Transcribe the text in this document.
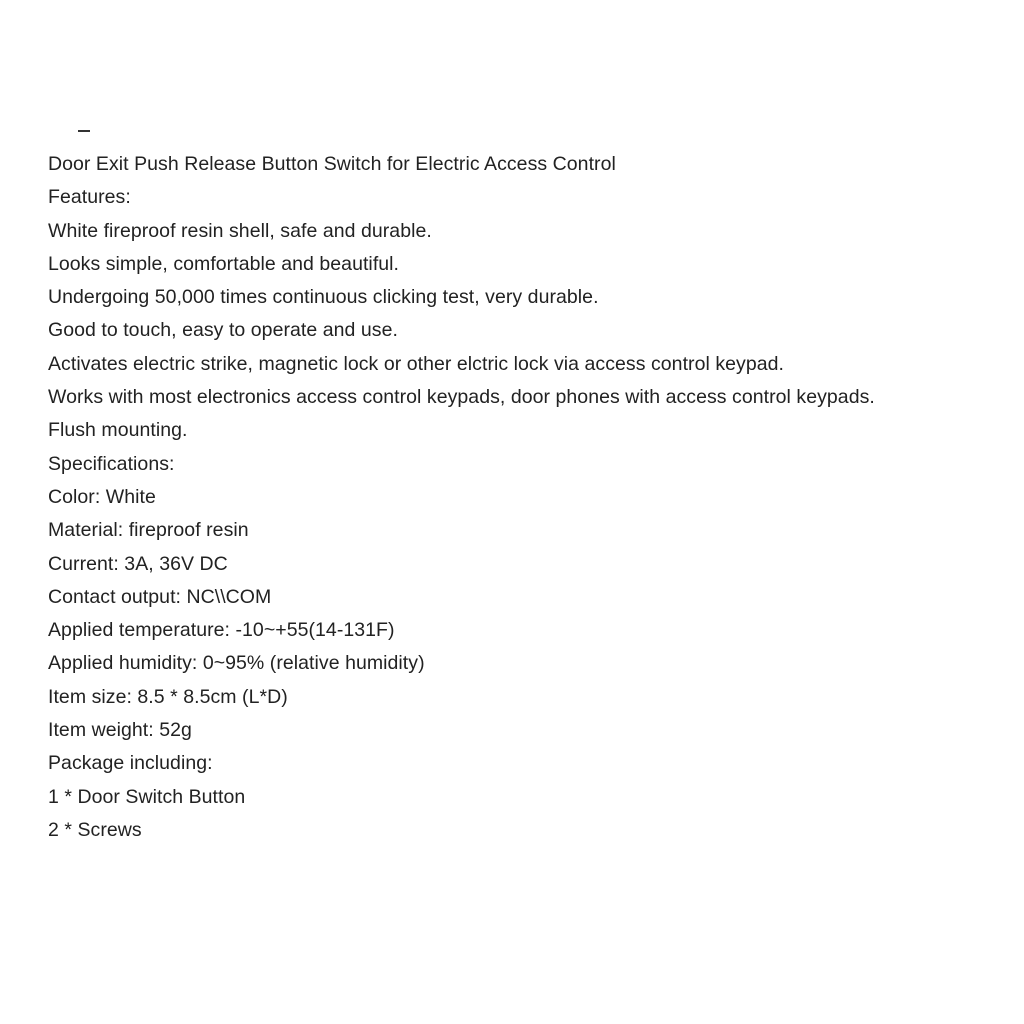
Door Exit Push Release Button Switch for Electric Access Control
Features:
White fireproof resin shell, safe and durable.
Looks simple, comfortable and beautiful.
Undergoing 50,000 times continuous clicking test, very durable.
Good to touch, easy to operate and use.
Activates electric strike, magnetic lock or other elctric lock via access control keypad.
Works with most electronics access control keypads, door phones with access control keypads.
Flush mounting.
Specifications:
Color: White
Material: fireproof resin
Current: 3A, 36V DC
Contact output: NC\\COM
Applied temperature: -10~+55(14-131F)
Applied humidity: 0~95% (relative humidity)
Item size: 8.5 * 8.5cm (L*D)
Item weight: 52g
Package including:
1 * Door Switch Button
2 * Screws
